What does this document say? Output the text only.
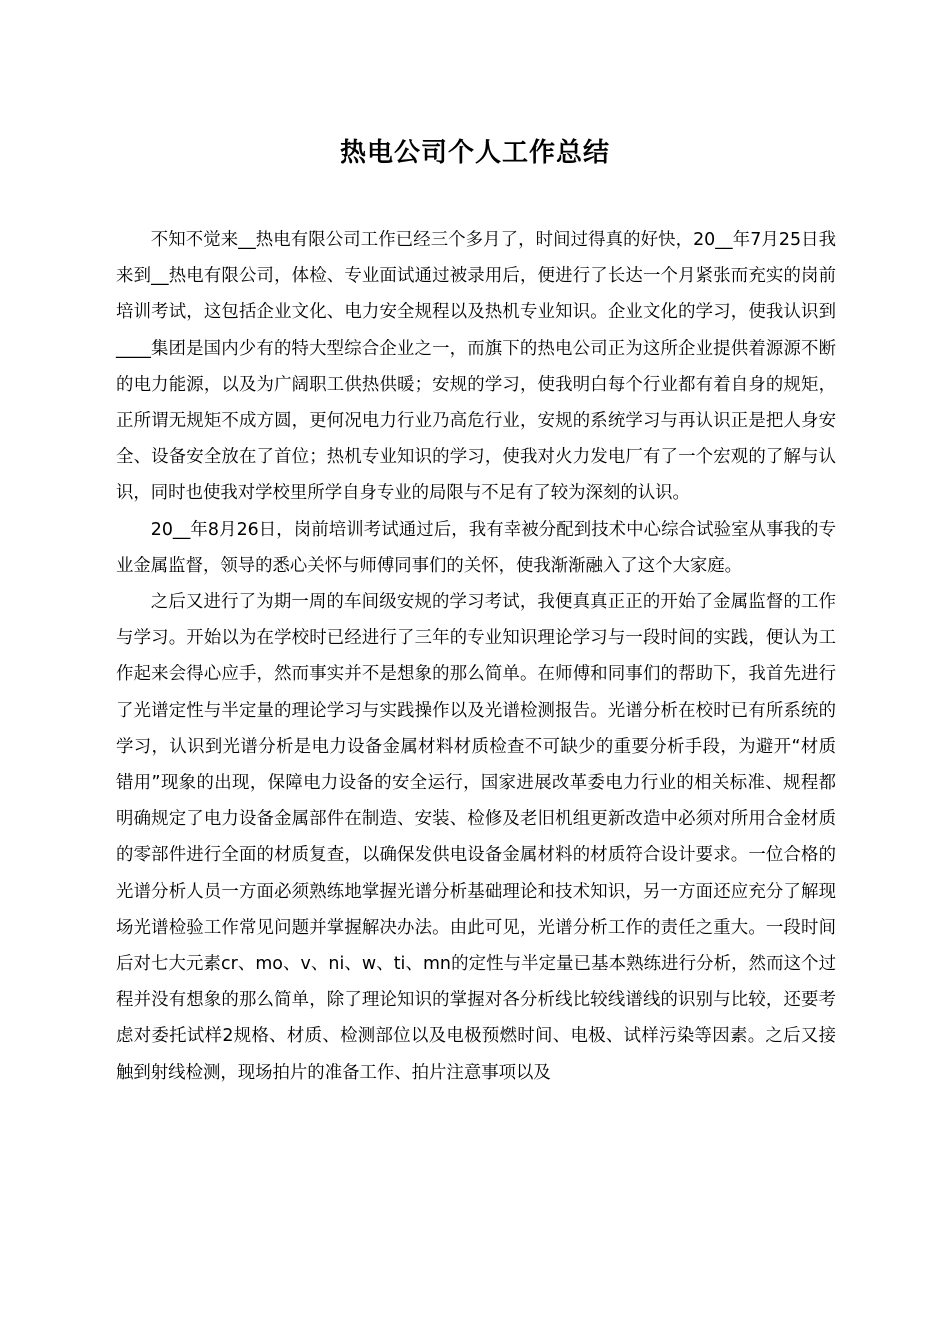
热电公司个人工作总结

不知不觉来__热电有限公司工作已经三个多月了，时间过得真的好快，20__年7月25日我来到__热电有限公司，体检、专业面试通过被录用后，便进行了长达一个月紧张而充实的岗前培训考试，这包括企业文化、电力安全规程以及热机专业知识。企业文化的学习，使我认识到____集团是国内少有的特大型综合企业之一，而旗下的热电公司正为这所企业提供着源源不断的电力能源，以及为广阔职工供热供暖；安规的学习，使我明白每个行业都有着自身的规矩，正所谓无规矩不成方圆，更何况电力行业乃高危行业，安规的系统学习与再认识正是把人身安全、设备安全放在了首位；热机专业知识的学习，使我对火力发电厂有了一个宏观的了解与认识，同时也使我对学校里所学自身专业的局限与不足有了较为深刻的认识。

20__年8月26日，岗前培训考试通过后，我有幸被分配到技术中心综合试验室从事我的专业金属监督，领导的悉心关怀与师傅同事们的关怀，使我渐渐融入了这个大家庭。

之后又进行了为期一周的车间级安规的学习考试，我便真真正正的开始了金属监督的工作与学习。开始以为在学校时已经进行了三年的专业知识理论学习与一段时间的实践，便认为工作起来会得心应手，然而事实并不是想象的那么简单。在师傅和同事们的帮助下，我首先进行了光谱定性与半定量的理论学习与实践操作以及光谱检测报告。光谱分析在校时已有所系统的学习，认识到光谱分析是电力设备金属材料材质检查不可缺少的重要分析手段，为避开“材质错用”现象的出现，保障电力设备的安全运行，国家进展改革委电力行业的相关标准、规程都明确规定了电力设备金属部件在制造、安装、检修及老旧机组更新改造中必须对所用合金材质的零部件进行全面的材质复查，以确保发供电设备金属材料的材质符合设计要求。一位合格的光谱分析人员一方面必须熟练地掌握光谱分析基础理论和技术知识，另一方面还应充分了解现场光谱检验工作常见问题并掌握解决办法。由此可见，光谱分析工作的责任之重大。一段时间后对七大元素cr、mo、v、ni、w、ti、mn的定性与半定量已基本熟练进行分析，然而这个过程并没有想象的那么简单，除了理论知识的掌握对各分析线比较线谱线的识别与比较，还要考虑对委托试样2规格、材质、检测部位以及电极预燃时间、电极、试样污染等因素。之后又接触到射线检测，现场拍片的准备工作、拍片注意事项以及
